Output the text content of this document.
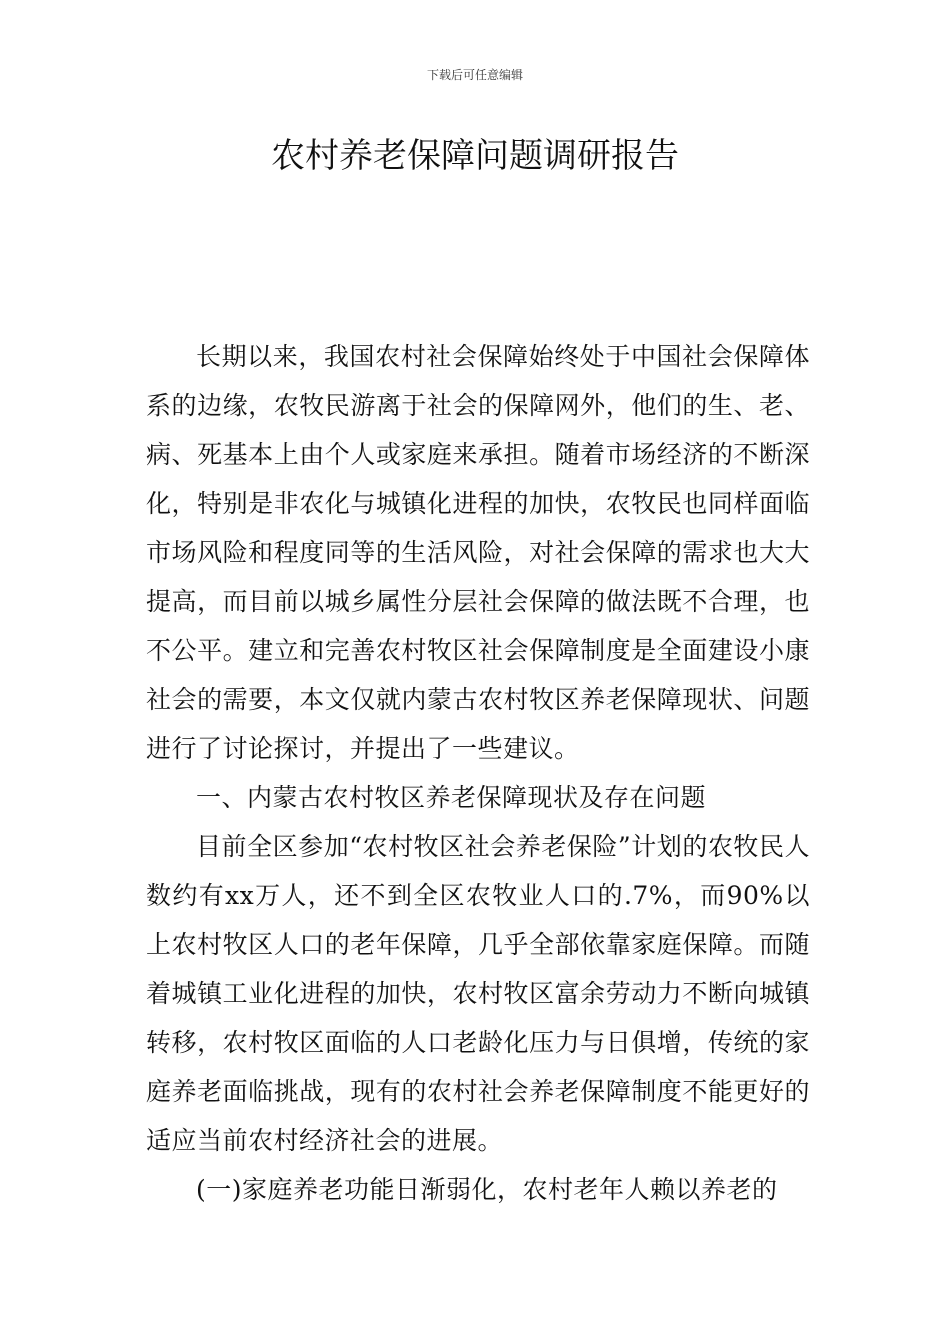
下载后可任意编辑
农村养老保障问题调研报告

长期以来，我国农村社会保障始终处于中国社会保障体系的边缘，农牧民游离于社会的保障网外，他们的生、老、病、死基本上由个人或家庭来承担。随着市场经济的不断深化，特别是非农化与城镇化进程的加快，农牧民也同样面临市场风险和程度同等的生活风险，对社会保障的需求也大大提高，而目前以城乡属性分层社会保障的做法既不合理，也不公平。建立和完善农村牧区社会保障制度是全面建设小康社会的需要，本文仅就内蒙古农村牧区养老保障现状、问题进行了讨论探讨，并提出了一些建议。

一、内蒙古农村牧区养老保障现状及存在问题

目前全区参加“农村牧区社会养老保险”计划的农牧民人数约有xx万人，还不到全区农牧业人口的.7%，而90%以上农村牧区人口的老年保障，几乎全部依靠家庭保障。而随着城镇工业化进程的加快，农村牧区富余劳动力不断向城镇转移，农村牧区面临的人口老龄化压力与日俱增，传统的家庭养老面临挑战，现有的农村社会养老保障制度不能更好的适应当前农村经济社会的进展。

(一)家庭养老功能日渐弱化，农村老年人赖以养老的
